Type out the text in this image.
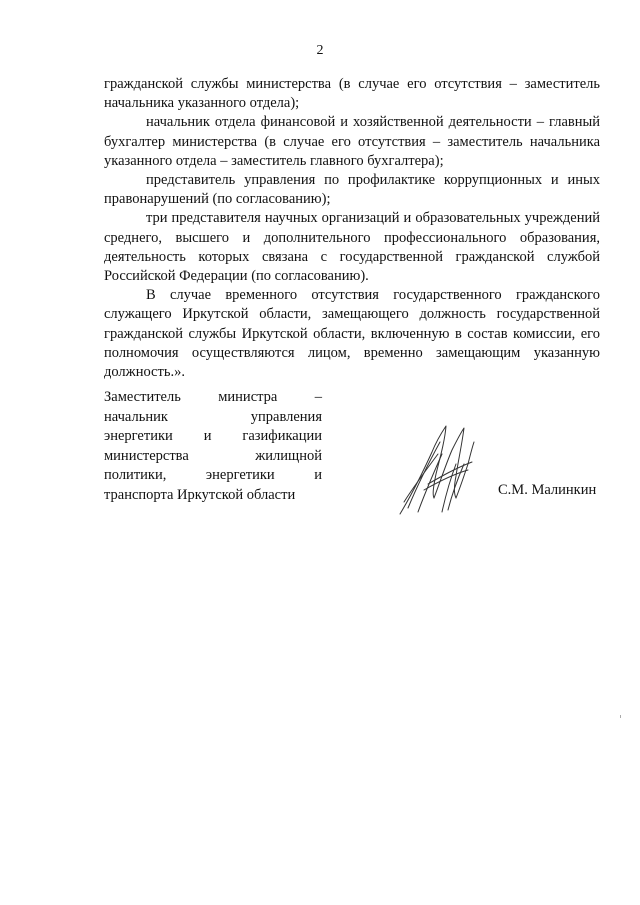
2

гражданской службы министерства (в случае его отсутствия – заместитель начальника указанного отдела);

начальник отдела финансовой и хозяйственной деятельности – главный бухгалтер министерства (в случае его отсутствия – заместитель начальника указанного отдела – заместитель главного бухгалтера);

представитель управления по профилактике коррупционных и иных правонарушений (по согласованию);

три представителя научных организаций и образовательных учреждений среднего, высшего и дополнительного профессионального образования, деятельность которых связана с государственной гражданской службой Российской Федерации (по согласованию).

В случае временного отсутствия государственного гражданского служащего Иркутской области, замещающего должность государственной гражданской службы Иркутской области, включенную в состав комиссии, его полномочия осуществляются лицом, временно замещающим указанную должность.».

Заместитель министра –
начальник управления
энергетики и газификации
министерства жилищной
политики, энергетики и
транспорта Иркутской области	С.М. Малинкин
